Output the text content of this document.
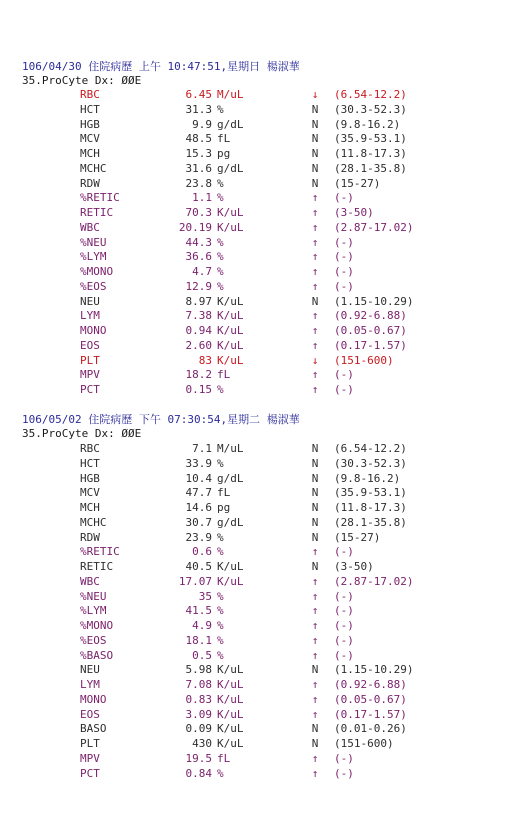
106/04/30 住院病歷 上午 10:47:51,星期日 楊淑華
35.ProCyte Dx: ØØE
RBC	6.45 M/uL	↓ (6.54-12.2)
HCT	31.3 %	N (30.3-52.3)
HGB	9.9 g/dL	N (9.8-16.2)
MCV	48.5 fL	N (35.9-53.1)
MCH	15.3 pg	N (11.8-17.3)
MCHC	31.6 g/dL	N (28.1-35.8)
RDW	23.8 %	N (15-27)
%RETIC	1.1 %	↑ (-)
RETIC	70.3 K/uL	↑ (3-50)
WBC	20.19 K/uL	↑ (2.87-17.02)
%NEU	44.3 %	↑ (-)
%LYM	36.6 %	↑ (-)
%MONO	4.7 %	↑ (-)
%EOS	12.9 %	↑ (-)
NEU	8.97 K/uL	N (1.15-10.29)
LYM	7.38 K/uL	↑ (0.92-6.88)
MONO	0.94 K/uL	↑ (0.05-0.67)
EOS	2.60 K/uL	↑ (0.17-1.57)
PLT	83 K/uL	↓ (151-600)
MPV	18.2 fL	↑ (-)
PCT	0.15 %	↑ (-)
106/05/02 住院病歷 下午 07:30:54,星期二 楊淑華
35.ProCyte Dx: ØØE
RBC	7.1 M/uL	N (6.54-12.2)
HCT	33.9 %	N (30.3-52.3)
HGB	10.4 g/dL	N (9.8-16.2)
MCV	47.7 fL	N (35.9-53.1)
MCH	14.6 pg	N (11.8-17.3)
MCHC	30.7 g/dL	N (28.1-35.8)
RDW	23.9 %	N (15-27)
%RETIC	0.6 %	↑ (-)
RETIC	40.5 K/uL	N (3-50)
WBC	17.07 K/uL	↑ (2.87-17.02)
%NEU	35 %	↑ (-)
%LYM	41.5 %	↑ (-)
%MONO	4.9 %	↑ (-)
%EOS	18.1 %	↑ (-)
%BASO	0.5 %	↑ (-)
NEU	5.98 K/uL	N (1.15-10.29)
LYM	7.08 K/uL	↑ (0.92-6.88)
MONO	0.83 K/uL	↑ (0.05-0.67)
EOS	3.09 K/uL	↑ (0.17-1.57)
BASO	0.09 K/uL	N (0.01-0.26)
PLT	430 K/uL	N (151-600)
MPV	19.5 fL	↑ (-)
PCT	0.84 %	↑ (-)
